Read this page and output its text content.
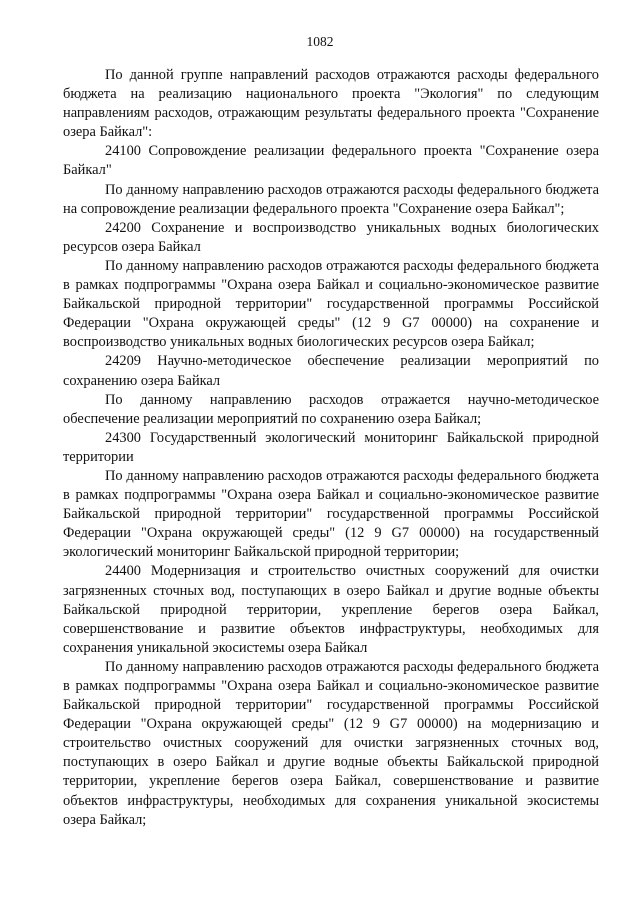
1082

По данной группе направлений расходов отражаются расходы федерального бюджета на реализацию национального проекта "Экология" по следующим направлениям расходов, отражающим результаты федерального проекта "Сохранение озера Байкал":

24100 Сопровождение реализации федерального проекта "Сохранение озера Байкал"

По данному направлению расходов отражаются расходы федерального бюджета на сопровождение реализации федерального проекта "Сохранение озера Байкал";

24200 Сохранение и воспроизводство уникальных водных биологических ресурсов озера Байкал

По данному направлению расходов отражаются расходы федерального бюджета в рамках подпрограммы "Охрана озера Байкал и социально-экономическое развитие Байкальской природной территории" государственной программы Российской Федерации "Охрана окружающей среды" (12 9 G7 00000) на сохранение и воспроизводство уникальных водных биологических ресурсов озера Байкал;

24209 Научно-методическое обеспечение реализации мероприятий по сохранению озера Байкал

По данному направлению расходов отражается научно-методическое обеспечение реализации мероприятий по сохранению озера Байкал;

24300 Государственный экологический мониторинг Байкальской природной территории

По данному направлению расходов отражаются расходы федерального бюджета в рамках подпрограммы "Охрана озера Байкал и социально-экономическое развитие Байкальской природной территории" государственной программы Российской Федерации "Охрана окружающей среды" (12 9 G7 00000) на государственный экологический мониторинг Байкальской природной территории;

24400 Модернизация и строительство очистных сооружений для очистки загрязненных сточных вод, поступающих в озеро Байкал и другие водные объекты Байкальской природной территории, укрепление берегов озера Байкал, совершенствование и развитие объектов инфраструктуры, необходимых для сохранения уникальной экосистемы озера Байкал

По данному направлению расходов отражаются расходы федерального бюджета в рамках подпрограммы "Охрана озера Байкал и социально-экономическое развитие Байкальской природной территории" государственной программы Российской Федерации "Охрана окружающей среды" (12 9 G7 00000) на модернизацию и строительство очистных сооружений для очистки загрязненных сточных вод, поступающих в озеро Байкал и другие водные объекты Байкальской природной территории, укрепление берегов озера Байкал, совершенствование и развитие объектов инфраструктуры, необходимых для сохранения уникальной экосистемы озера Байкал;
